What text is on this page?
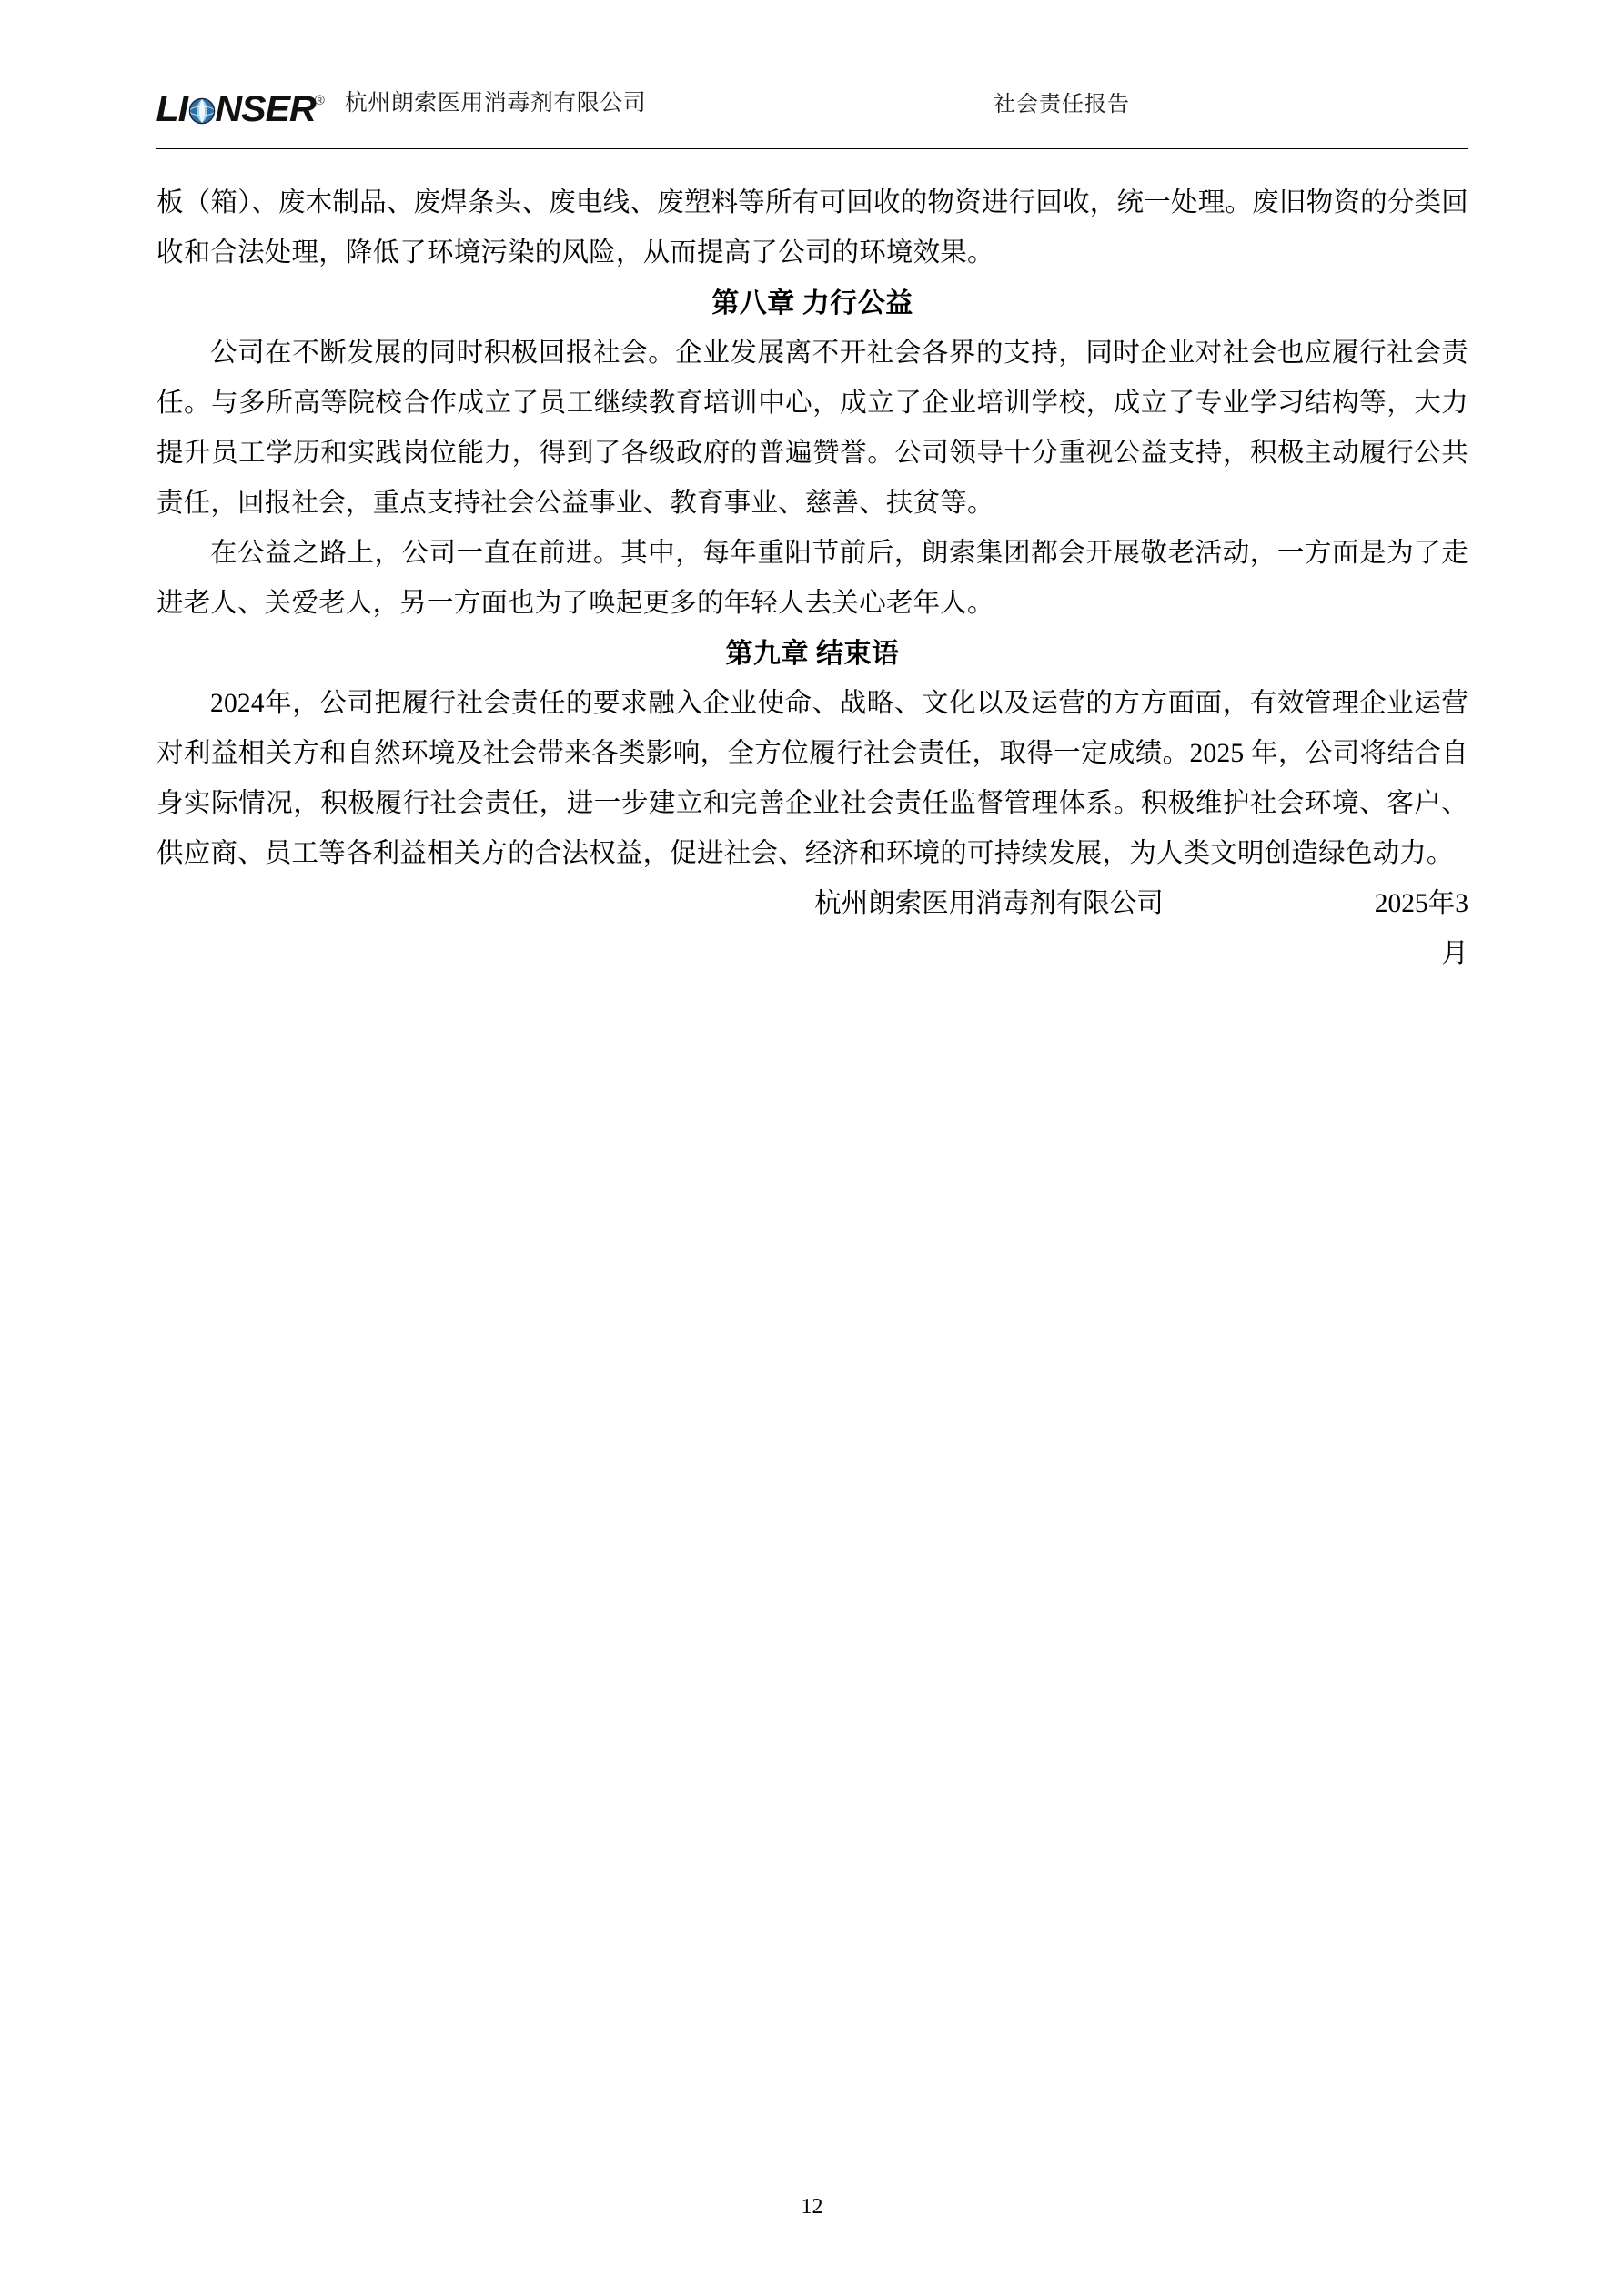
LI NSER® 杭州朗索医用消毒剂有限公司	社会责任报告

板（箱）、废木制品、废焊条头、废电线、废塑料等所有可回收的物资进行回收，统一处理。废旧物资的分类回收和合法处理，降低了环境污染的风险，从而提高了公司的环境效果。

第八章 力行公益

公司在不断发展的同时积极回报社会。企业发展离不开社会各界的支持，同时企业对社会也应履行社会责任。与多所高等院校合作成立了员工继续教育培训中心，成立了企业培训学校，成立了专业学习结构等，大力提升员工学历和实践岗位能力，得到了各级政府的普遍赞誉。公司领导十分重视公益支持，积极主动履行公共责任，回报社会，重点支持社会公益事业、教育事业、慈善、扶贫等。

在公益之路上，公司一直在前进。其中，每年重阳节前后，朗索集团都会开展敬老活动，一方面是为了走进老人、关爱老人，另一方面也为了唤起更多的年轻人去关心老年人。

第九章 结束语

2024年，公司把履行社会责任的要求融入企业使命、战略、文化以及运营的方方面面，有效管理企业运营对利益相关方和自然环境及社会带来各类影响，全方位履行社会责任，取得一定成绩。2025 年，公司将结合自身实际情况，积极履行社会责任，进一步建立和完善企业社会责任监督管理体系。积极维护社会环境、客户、供应商、员工等各利益相关方的合法权益，促进社会、经济和环境的可持续发展，为人类文明创造绿色动力。

杭州朗索医用消毒剂有限公司	2025年3
月
12
